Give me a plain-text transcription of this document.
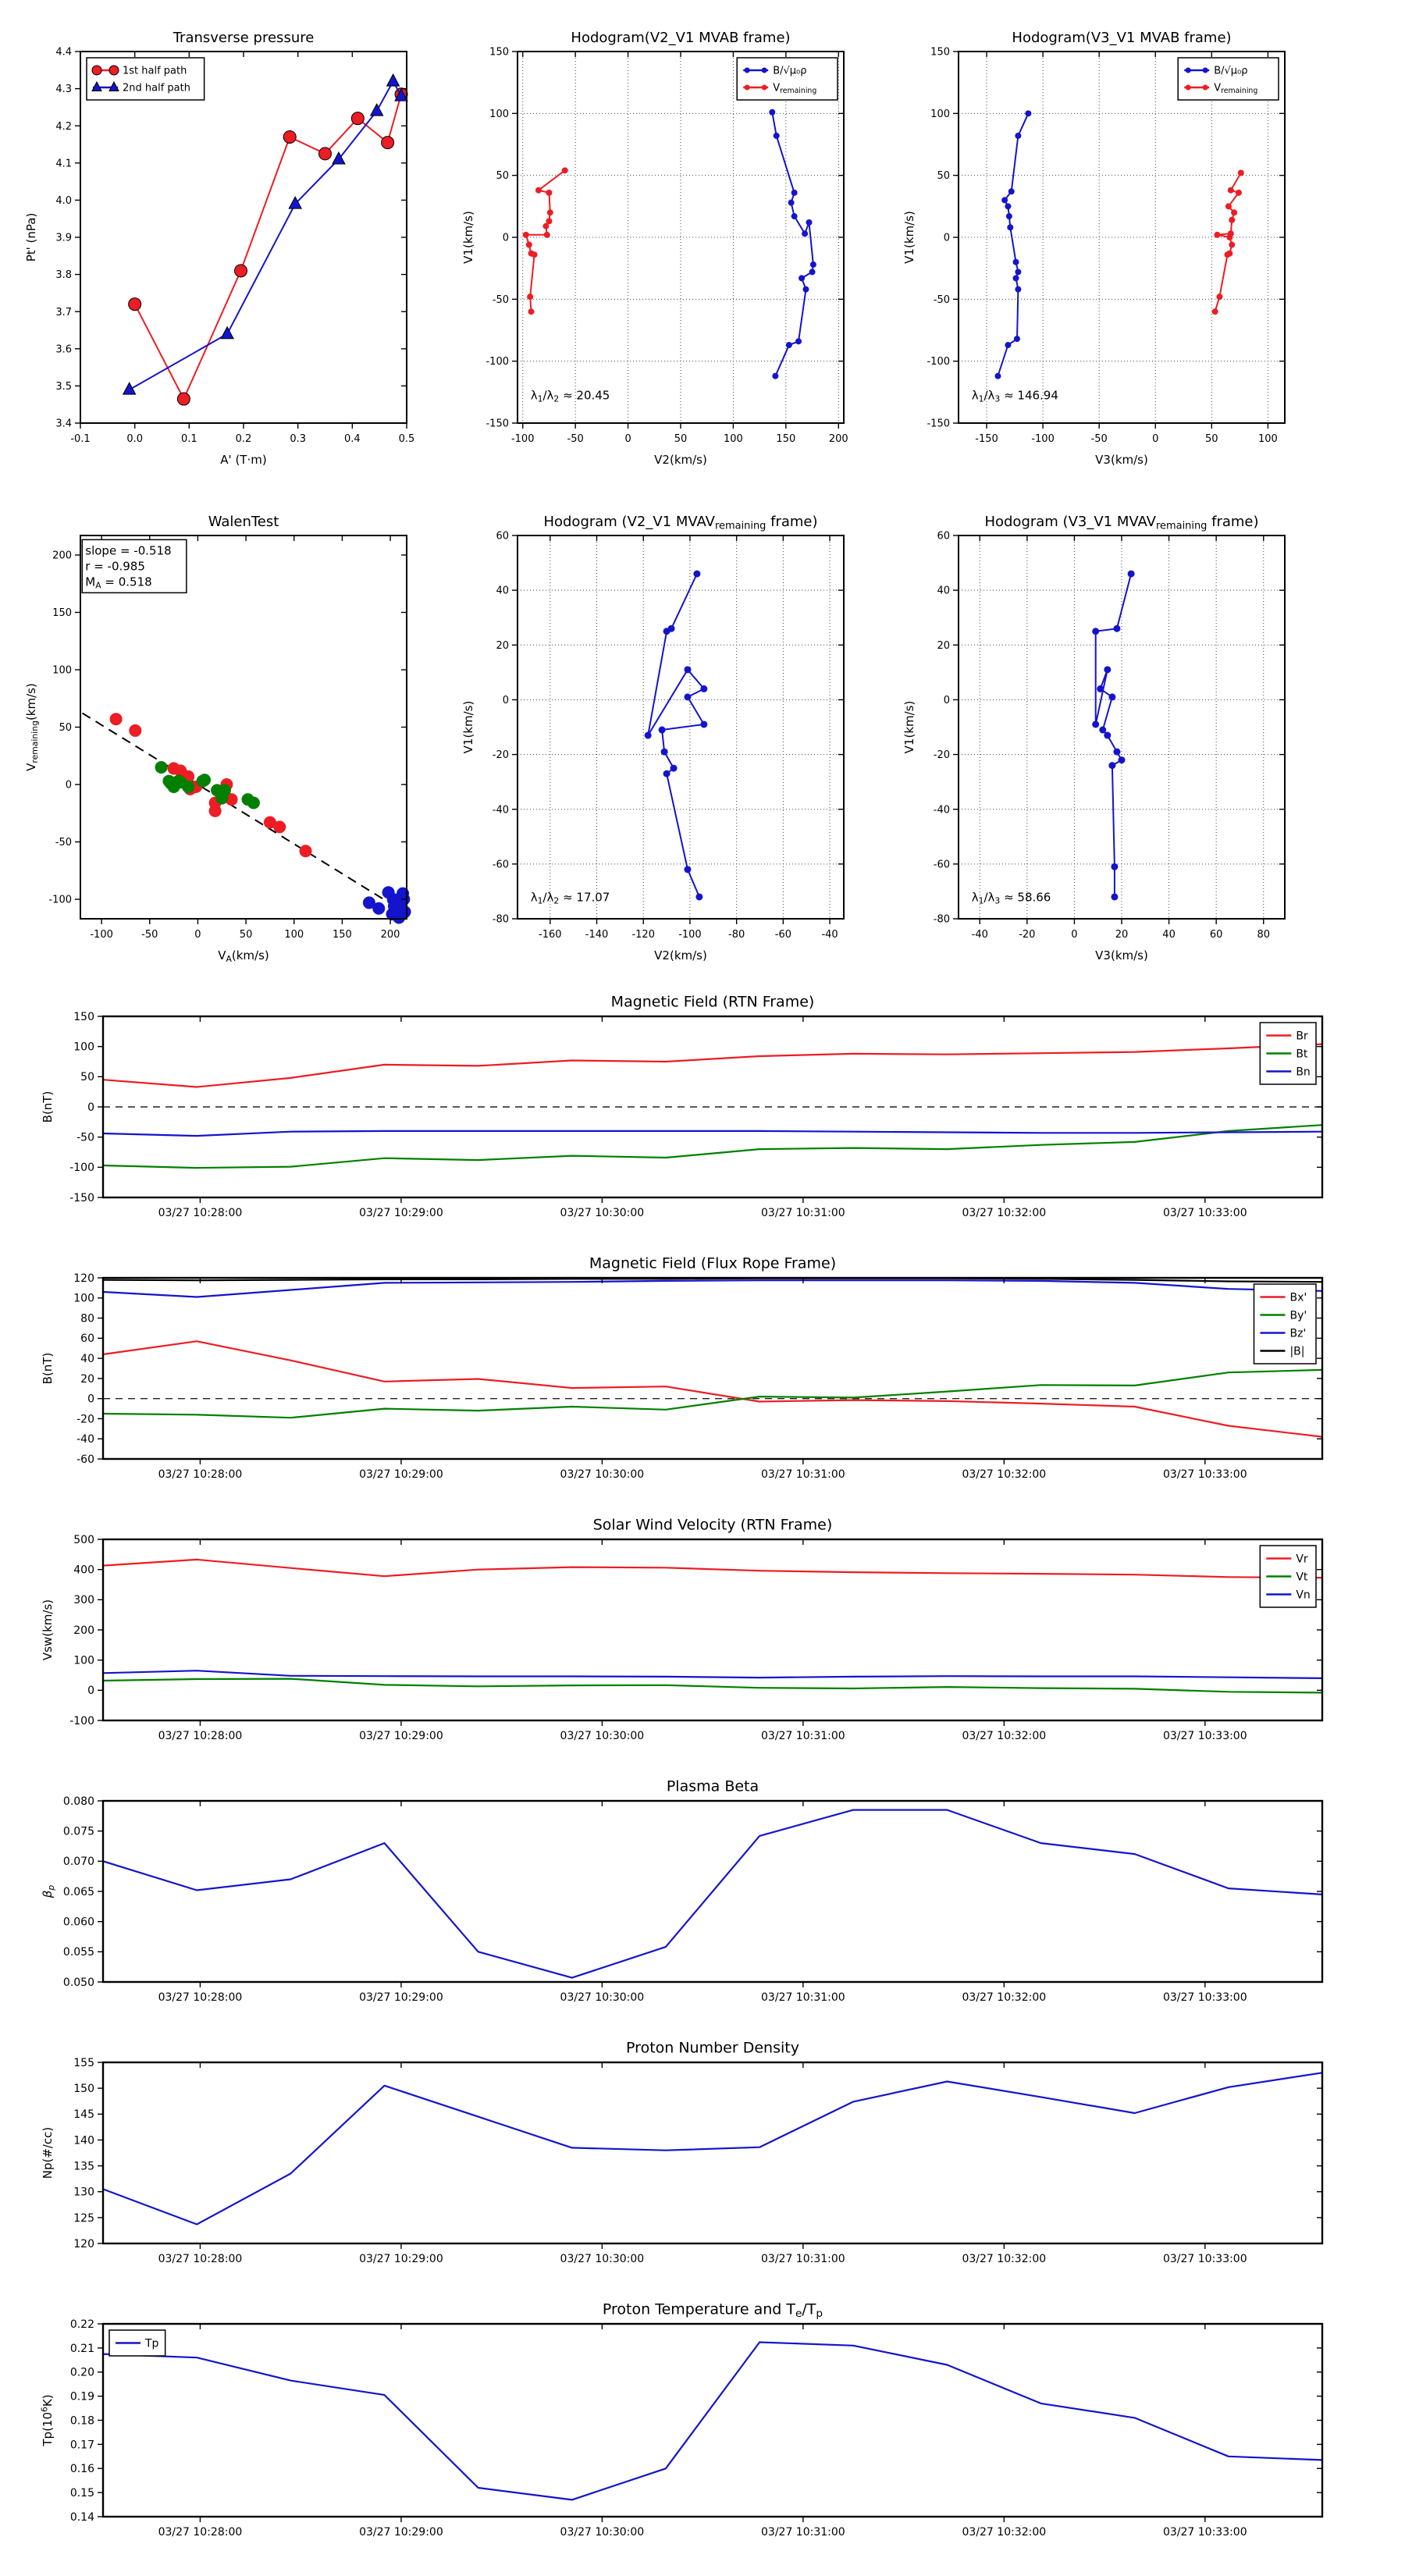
-0.1	0.0	0.1	0.2	0.3	0.4	0.5
3.4
3.5
3.6
3.7
3.8
3.9
4.0
4.1
4.2
4.3
4.4
Transverse pressure
A' (T·m)
Pt' (nPa)
1st half path
2nd half path
-100	-50	0	50	100	150	200
-150
-100
-50
0
50
100
150
Hodogram(V2_V1 MVAB frame)
V2(km/s)
V1(km/s)
B/√μ₀ρ
$V_{remaining}$
$\lambda_1/\lambda_2 \approx 20.45$
-150	-100	-50	0	50	100
-150
-100
-50
0
50
100
150
Hodogram(V3_V1 MVAB frame)
V3(km/s)
V1(km/s)
B/√μ₀ρ
$V_{remaining}$
$\lambda_1/\lambda_3 \approx 146.94$
-100	-50	0	50	100	150	200
-100
-50
0
50
100
150
200
WalenTest
$V_A(km/s)$
$V_{remaining}(km/s)$
slope = -0.518
r = -0.985
$M_A = 0.518$
-160 -140 -120 -100	-80	-60	-40
-80
-60
-40
-20
0
20
40
60
Hodogram (V2_V1 $MVAV_{remaining}$ frame)
V2(km/s)
V1(km/s)
$\lambda_1/\lambda_2 \approx 17.07$
-40	-20	0	20	40	60	80
-80
-60
-40
-20
0
20
40
60
Hodogram (V3_V1 $MVAV_{remaining}$ frame)
V3(km/s)
V1(km/s)
$\lambda_1/\lambda_3 \approx 58.66$
03/27 10:28:00	03/27 10:29:00	03/27 10:30:00	03/27 10:31:00	03/27 10:32:00	03/27 10:33:00
-150
-100
-50
0
50
100
150
Magnetic Field (RTN Frame)
B(nT)
Br
Bt
Bn
03/27 10:28:00	03/27 10:29:00	03/27 10:30:00	03/27 10:31:00	03/27 10:32:00	03/27 10:33:00
-60
-40
-20
0
20
40
60
80
100
120
Magnetic Field (Flux Rope Frame)
B(nT)
Bx'
By'
Bz'
|B|
03/27 10:28:00	03/27 10:29:00	03/27 10:30:00	03/27 10:31:00	03/27 10:32:00	03/27 10:33:00
-100
0
100
200
300
400
500
Solar Wind Velocity (RTN Frame)
Vsw(km/s)
Vr
Vt
Vn
03/27 10:28:00	03/27 10:29:00	03/27 10:30:00	03/27 10:31:00	03/27 10:32:00	03/27 10:33:00
0.050
0.055
0.060
0.065
0.070
0.075
0.080
Plasma Beta
$\beta_p$
03/27 10:28:00	03/27 10:29:00	03/27 10:30:00	03/27 10:31:00	03/27 10:32:00	03/27 10:33:00
120
125
130
135
140
145
150
155
Proton Number Density
Np(#/cc)
03/27 10:28:00	03/27 10:29:00	03/27 10:30:00	03/27 10:31:00	03/27 10:32:00	03/27 10:33:00
0.14
0.15
0.16
0.17
0.18
0.19
0.20
0.21
0.22
Proton Temperature and $T_e/T_p$
$Tp(10^6K)$
Tp
